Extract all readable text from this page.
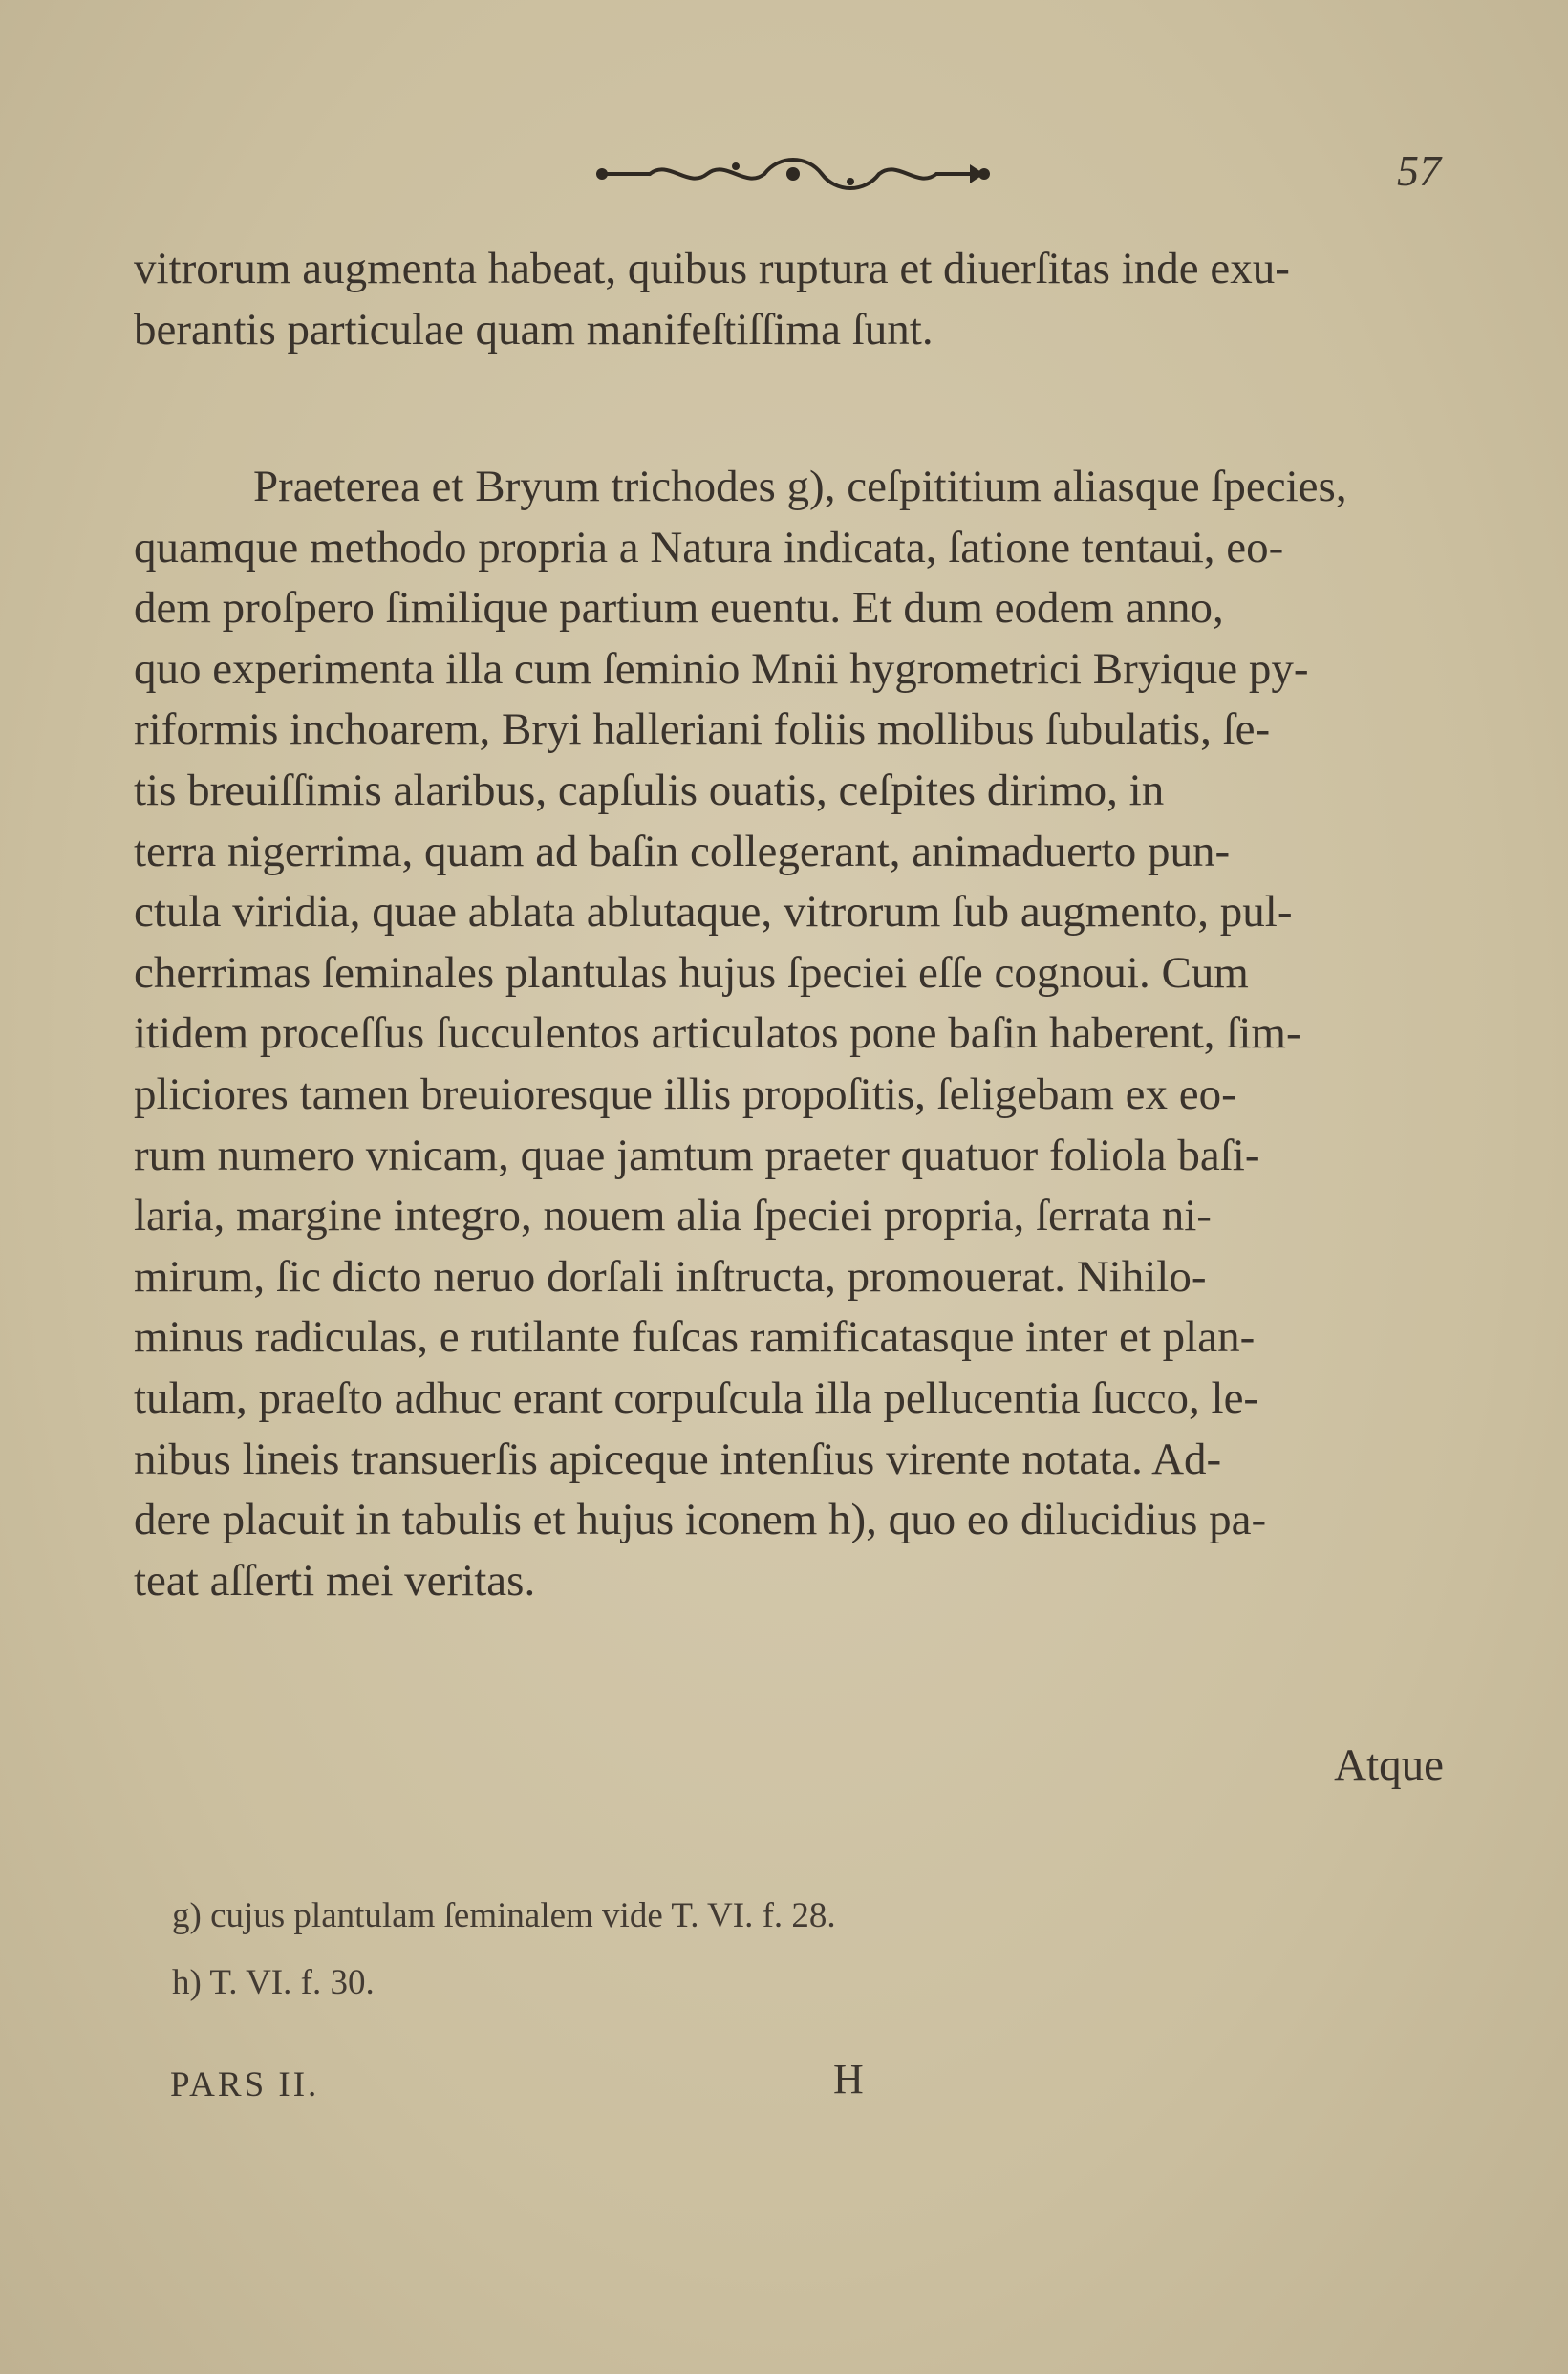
57
vitrorum augmenta habeat, quibus ruptura et diuerſitas inde exu-
berantis particulae quam manifeſtiſſima ſunt.
Praeterea et Bryum trichodes g), ceſpititium aliasque ſpecies,
quamque methodo propria a Natura indicata, ſatione tentaui, eo-
dem proſpero ſimilique partium euentu. Et dum eodem anno,
quo experimenta illa cum ſeminio Mnii hygrometrici Bryique py-
riformis inchoarem, Bryi halleriani foliis mollibus ſubulatis, ſe-
tis breuiſſimis alaribus, capſulis ouatis, ceſpites dirimo, in
terra nigerrima, quam ad baſin collegerant, animaduerto pun-
ctula viridia, quae ablata ablutaque, vitrorum ſub augmento, pul-
cherrimas ſeminales plantulas hujus ſpeciei eſſe cognoui. Cum
itidem proceſſus ſucculentos articulatos pone baſin haberent, ſim-
pliciores tamen breuioresque illis propoſitis, ſeligebam ex eo-
rum numero vnicam, quae jamtum praeter quatuor foliola baſi-
laria, margine integro, nouem alia ſpeciei propria, ſerrata ni-
mirum, ſic dicto neruo dorſali inſtructa, promouerat. Nihilo-
minus radiculas, e rutilante fuſcas ramificatasque inter et plan-
tulam, praeſto adhuc erant corpuſcula illa pellucentia ſucco, le-
nibus lineis transuerſis apiceque intenſius virente notata. Ad-
dere placuit in tabulis et hujus iconem h), quo eo dilucidius pa-
teat aſſerti mei veritas.
Atque
g) cujus plantulam ſeminalem vide T. VI. f. 28.
h) T. VI. f. 30.
PARS II.	H
